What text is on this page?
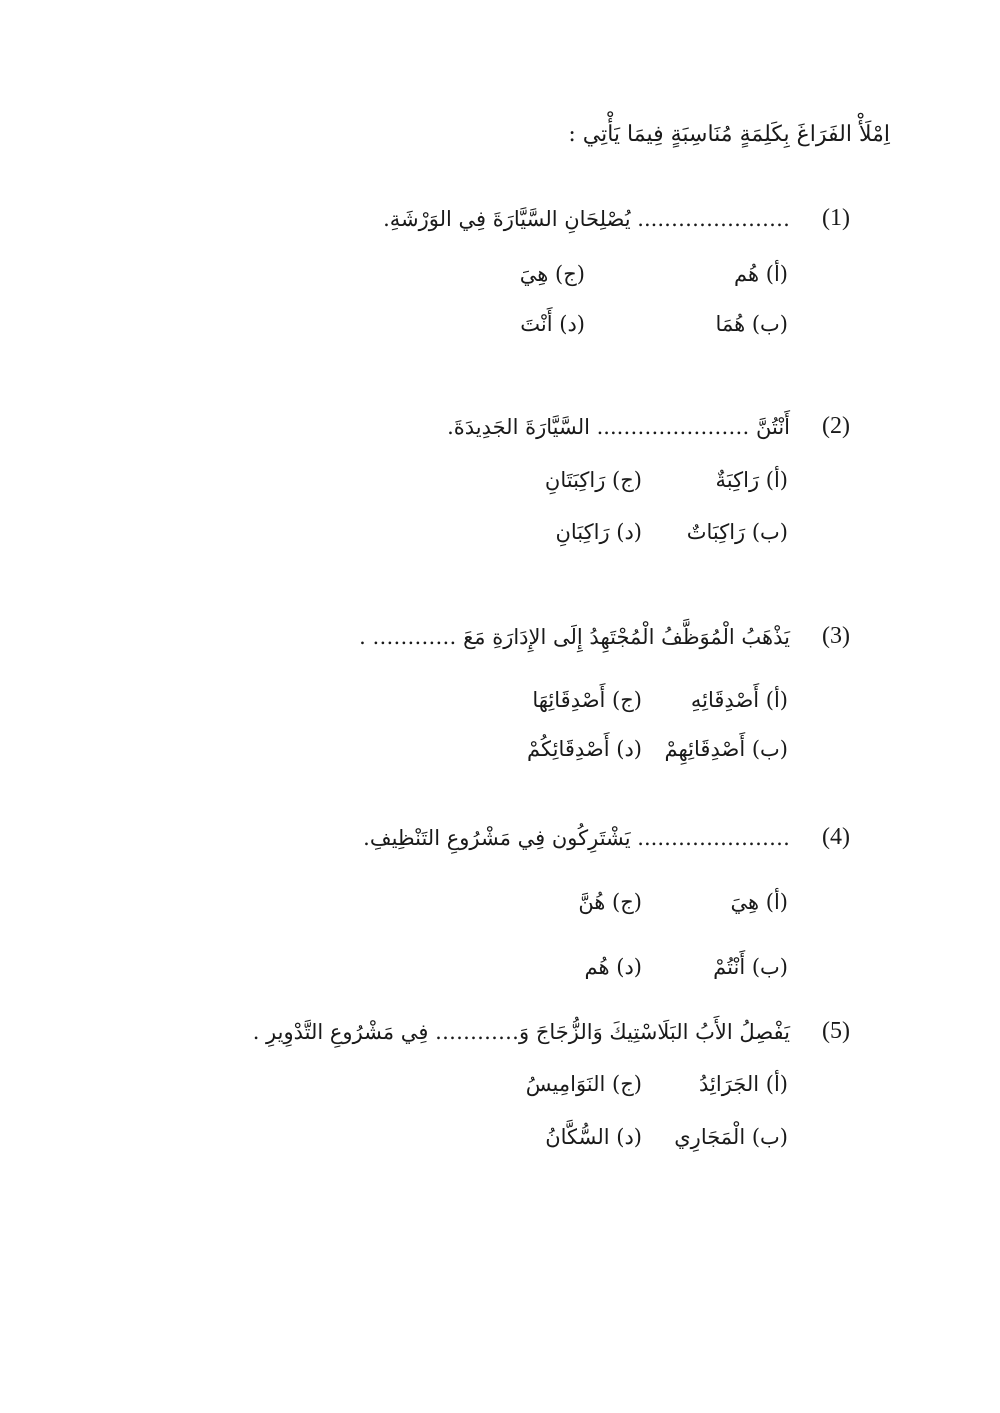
اِمْلَأْ الفَرَاغَ بِكَلِمَةٍ مُنَاسِبَةٍ فِيمَا يَأْتِي :
(1)
……………….... يُصْلِحَانِ السَّيَّارَةَ فِي الوَرْشَةِ.
(أ) هُم
(ب) هُمَا
(ج) هِيَ
(د) أَنْتَ
(2)
أَنْتُنَّ ……………….... السَّيَّارَةَ الجَدِيدَةَ.
(أ) رَاكِبَةٌ
(ب) رَاكِبَاتٌ
(ج) رَاكِبَتَانِ
(د) رَاكِبَانِ
(3)
يَذْهَبُ الْمُوَظَّفُ الْمُجْتَهِدُ إِلَى الإِدَارَةِ مَعَ ………… .
(أ) أَصْدِقَائِهِ
(ب) أَصْدِقَائِهِمْ
(ج) أَصْدِقَائِهَا
(د) أَصْدِقَائِكُمْ
(4)
……………….... يَشْتَرِكُون فِي مَشْرُوعِ التَنْظِيفِ.
(أ) هِيَ
(ب) أَنْتُمْ
(ج) هُنَّ
(د) هُم
(5)
يَفْصِلُ الأَبُ البَلَاسْتِيكَ وَالزُّجَاجَ وَ………… فِي مَشْرُوعِ التَّدْوِيرِ .
(أ) الجَرَائِدُ
(ب) الْمَجَارِي
(ج) النَوَامِيسُ
(د) السُّكَّانُ
